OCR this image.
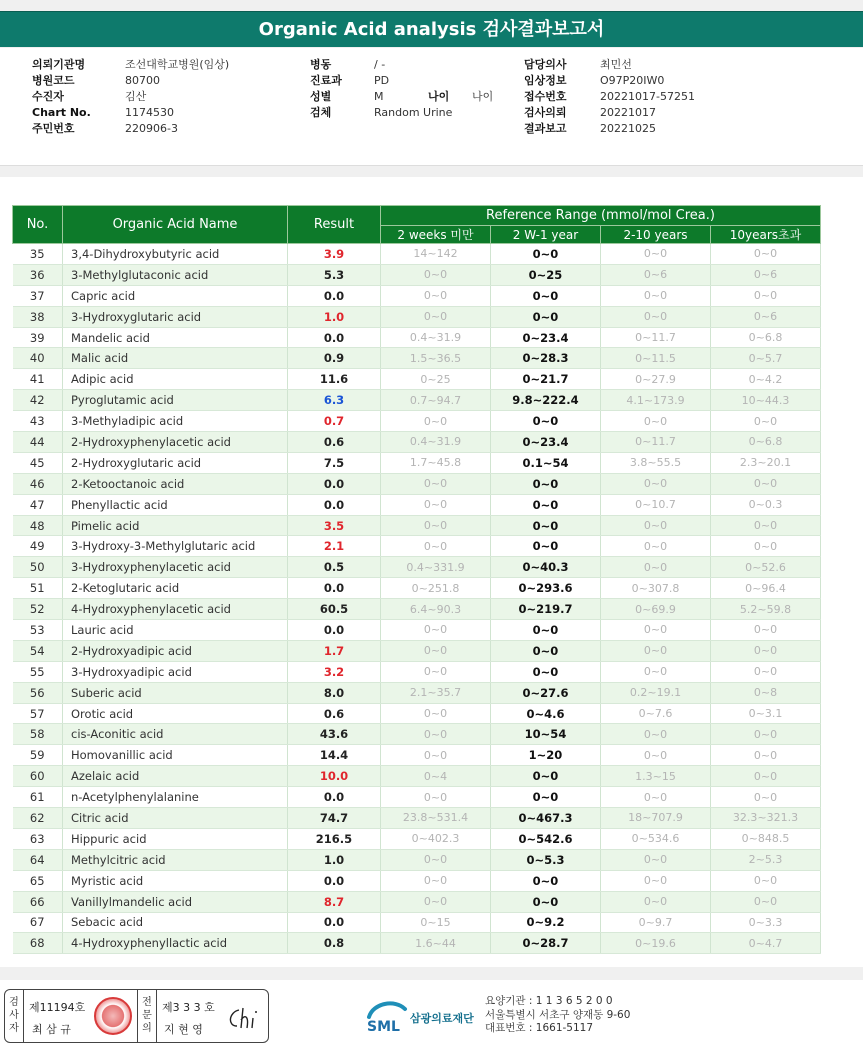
Organic Acid analysis 검사결과보고서
의뢰기관명	조선대학교병원(임상)
병원코드	80700
수진자	김산
Chart No.	1174530
주민번호	220906-3
병동	/ -
진료과	PD
성별	M	나이 나이
검체	Random Urine
담당의사	최민선
임상정보	O97P20IW0
접수번호	20221017-57251
검사의뢰	20221017
결과보고	20221025
No.	Organic Acid Name	Result	Reference Range (mmol/mol Crea.)			
			2 weeks 미만	2 W-1 year	2-10 years	10years초과
35	3,4-Dihydroxybutyric acid	3.9	14~142	0~0	0~0	0~0
36	3-Methylglutaconic acid	5.3	0~0	0~25	0~6	0~6
37	Capric acid	0.0	0~0	0~0	0~0	0~0
38	3-Hydroxyglutaric acid	1.0	0~0	0~0	0~0	0~6
39	Mandelic acid	0.0	0.4~31.9	0~23.4	0~11.7	0~6.8
40	Malic acid	0.9	1.5~36.5	0~28.3	0~11.5	0~5.7
41	Adipic acid	11.6	0~25	0~21.7	0~27.9	0~4.2
42	Pyroglutamic acid	6.3	0.7~94.7	9.8~222.4	4.1~173.9	10~44.3
43	3-Methyladipic acid	0.7	0~0	0~0	0~0	0~0
44	2-Hydroxyphenylacetic acid	0.6	0.4~31.9	0~23.4	0~11.7	0~6.8
45	2-Hydroxyglutaric acid	7.5	1.7~45.8	0.1~54	3.8~55.5	2.3~20.1
46	2-Ketooctanoic acid	0.0	0~0	0~0	0~0	0~0
47	Phenyllactic acid	0.0	0~0	0~0	0~10.7	0~0.3
48	Pimelic acid	3.5	0~0	0~0	0~0	0~0
49	3-Hydroxy-3-Methylglutaric acid	2.1	0~0	0~0	0~0	0~0
50	3-Hydroxyphenylacetic acid	0.5	0.4~331.9	0~40.3	0~0	0~52.6
51	2-Ketoglutaric acid	0.0	0~251.8	0~293.6	0~307.8	0~96.4
52	4-Hydroxyphenylacetic acid	60.5	6.4~90.3	0~219.7	0~69.9	5.2~59.8
53	Lauric acid	0.0	0~0	0~0	0~0	0~0
54	2-Hydroxyadipic acid	1.7	0~0	0~0	0~0	0~0
55	3-Hydroxyadipic acid	3.2	0~0	0~0	0~0	0~0
56	Suberic acid	8.0	2.1~35.7	0~27.6	0.2~19.1	0~8
57	Orotic acid	0.6	0~0	0~4.6	0~7.6	0~3.1
58	cis-Aconitic acid	43.6	0~0	10~54	0~0	0~0
59	Homovanillic acid	14.4	0~0	1~20	0~0	0~0
60	Azelaic acid	10.0	0~4	0~0	1.3~15	0~0
61	n-Acetylphenylalanine	0.0	0~0	0~0	0~0	0~0
62	Citric acid	74.7	23.8~531.4	0~467.3	18~707.9	32.3~321.3
63	Hippuric acid	216.5	0~402.3	0~542.6	0~534.6	0~848.5
64	Methylcitric acid	1.0	0~0	0~5.3	0~0	2~5.3
65	Myristic acid	0.0	0~0	0~0	0~0	0~0
66	Vanillylmandelic acid	8.7	0~0	0~0	0~0	0~0
67	Sebacic acid	0.0	0~15	0~9.2	0~9.7	0~3.3
68	4-Hydroxyphenyllactic acid	0.8	1.6~44	0~28.7	0~19.6	0~4.7
검사자
제11194호
최 삼 규
전문의
제3 3 3 호
지 현 영	SML
삼광의료재단
요양기관 : 1 1 3 6 5 2 0 0
서울특별시 서초구 양재동 9-60
대표번호 : 1661-5117
